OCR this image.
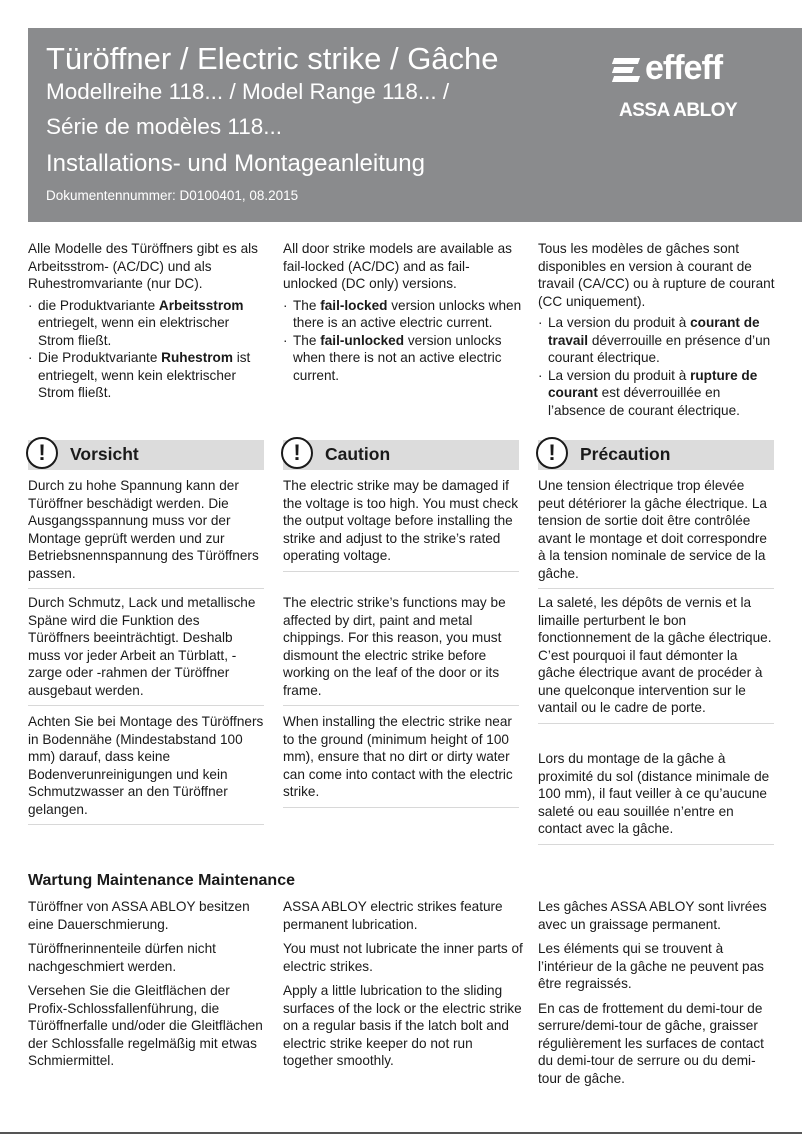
Türöffner / Electric strike / Gâche
Modellreihe 118... / Model Range 118... /
Série de modèles 118...
Installations- und Montageanleitung
Dokumentennummer: D0100401, 08.2015
effeff
ASSA ABLOY

Alle Modelle des Türöffners gibt es als Arbeitsstrom- (AC/DC) und als Ruhestromvariante (nur DC).

· die Produktvariante Arbeitsstrom entriegelt, wenn ein elektrischer Strom fließt.
· Die Produktvariante Ruhestrom ist entriegelt, wenn kein elektrischer Strom fließt.

All door strike models are available as fail-locked (AC/DC) and as fail-unlocked (DC only) versions.

· The fail-locked version unlocks when there is an active electric current.
· The fail-unlocked version unlocks when there is not an active electric current.

Tous les modèles de gâches sont disponibles en version à courant de travail (CA/CC) ou à rupture de courant (CC uniquement).

· La version du produit à courant de travail déverrouille en présence d’un courant électrique.
· La version du produit à rupture de courant est déverrouillée en l’absence de courant électrique.
!	Vorsicht	!	Caution	!	Précaution

Durch zu hohe Spannung kann der Türöffner beschädigt werden. Die Ausgangsspannung muss vor der Montage geprüft werden und zur Betriebsnennspannung des Türöffners passen.

Durch Schmutz, Lack und metallische Späne wird die Funktion des Türöffners beeinträchtigt. Deshalb muss vor jeder Arbeit an Türblatt, -zarge oder -rahmen der Türöffner ausgebaut werden.

Achten Sie bei Montage des Türöffners in Bodennähe (Mindestabstand 100 mm) darauf, dass keine Bodenverunreinigungen und kein Schmutzwasser an den Türöffner gelangen.

The electric strike may be damaged if the voltage is too high. You must check the output voltage before installing the strike and adjust to the strike’s rated operating voltage.

The electric strike’s functions may be affected by dirt, paint and metal chippings. For this reason, you must dismount the electric strike before working on the leaf of the door or its frame.

When installing the electric strike near to the ground (minimum height of 100 mm), ensure that no dirt or dirty water can come into contact with the electric strike.

Une tension électrique trop élevée peut détériorer la gâche électrique. La tension de sortie doit être contrôlée avant le montage et doit correspondre à la tension nominale de service de la gâche.

La saleté, les dépôts de vernis et la limaille perturbent le bon fonctionnement de la gâche électrique. C’est pourquoi il faut démonter la gâche électrique avant de procéder à une quelconque intervention sur le vantail ou le cadre de porte.

Lors du montage de la gâche à proximité du sol (distance minimale de 100 mm), il faut veiller à ce qu’aucune saleté ou eau souillée n’entre en contact avec la gâche.

Wartung Maintenance Maintenance

Türöffner von ASSA ABLOY besitzen eine Dauerschmierung.

Türöffnerinnenteile dürfen nicht nachgeschmiert werden.

Versehen Sie die Gleitflächen der Profix-Schlossfallenführung, die Türöffnerfalle und/oder die Gleitflächen der Schlossfalle regelmäßig mit etwas Schmiermittel.

ASSA ABLOY electric strikes feature permanent lubrication.

You must not lubricate the inner parts of electric strikes.

Apply a little lubrication to the sliding surfaces of the lock or the electric strike on a regular basis if the latch bolt and electric strike keeper do not run together smoothly.

Les gâches ASSA ABLOY sont livrées avec un graissage permanent.

Les éléments qui se trouvent à l’intérieur de la gâche ne peuvent pas être regraissés.

En cas de frottement du demi-tour de serrure/demi-tour de gâche, graisser régulièrement les surfaces de contact du demi-tour de serrure ou du demi-tour de gâche.
